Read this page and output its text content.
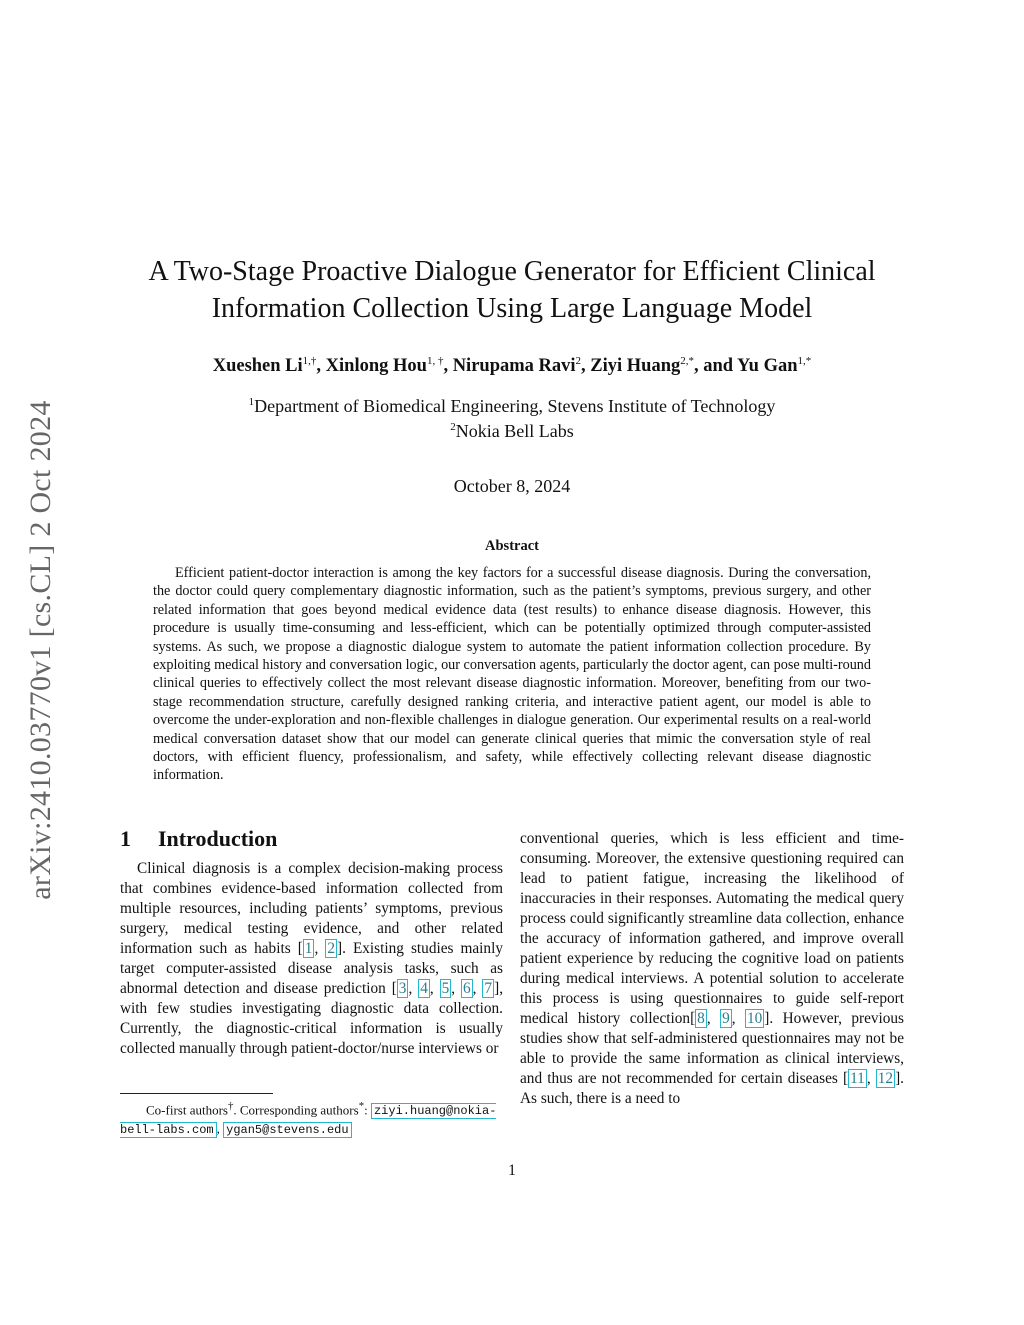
arXiv:2410.03770v1 [cs.CL] 2 Oct 2024
A Two-Stage Proactive Dialogue Generator for Efficient Clinical
Information Collection Using Large Language Model
Xueshen $Li^{1,\dagger}$, Xinlong Hou$^{1, \dagger}$, Nirupama Ravi$^2$, Ziyi Huang$^{2,*}$, and Yu Gan$^{1,*}$
$^1$Department of Biomedical Engineering, Stevens Institute of Technology
$^2$Nokia Bell Labs
October 8, 2024
Abstract
Efficient patient-doctor interaction is among the key factors for a successful disease diagnosis. During the conversation, the doctor could query complementary diagnostic information, such as the patient’s symptoms, previous surgery, and other related information that goes beyond medical evidence data (test results) to enhance disease diagnosis. However, this procedure is usually time-consuming and less-efficient, which can be potentially optimized through computer-assisted systems. As such, we propose a diagnostic dialogue system to automate the patient information collection procedure. By exploiting medical history and conversation logic, our conversation agents, particularly the doctor agent, can pose multi-round clinical queries to effectively collect the most relevant disease diagnostic information. Moreover, benefiting from our two-stage recommendation structure, carefully designed ranking criteria, and interactive patient agent, our model is able to overcome the under-exploration and non-flexible challenges in dialogue generation. Our experimental results on a real-world medical conversation dataset show that our model can generate clinical queries that mimic the conversation style of real doctors, with efficient fluency, professionalism, and safety, while effectively collecting relevant disease diagnostic information.
1 Introduction
Clinical diagnosis is a complex decision-making process that combines evidence-based information collected from multiple resources, including patients’ symptoms, previous surgery, medical testing evidence, and other related information such as habits [ 1 , 2 ]. Existing studies mainly target computer-assisted disease analysis tasks, such as abnormal detection and disease prediction [ 3 , 4 , 5 , 6 , 7 ], with few studies investigating diagnostic data collection. Currently, the diagnostic-critical information is usually collected manually through patient-doctor/nurse interviews or
conventional queries, which is less efficient and time-consuming. Moreover, the extensive questioning required can lead to patient fatigue, increasing the likelihood of inaccuracies in their responses. Automating the medical query process could significantly streamline data collection, enhance the accuracy of information gathered, and improve overall patient experience by reducing the cognitive load on patients during medical interviews. A potential solution to accelerate this process is using questionnaires to guide self-report medical history collection[ 8 , 9 , 10 ]. However, previous studies show that self-administered questionnaires may not be able to provide the same information as clinical interviews, and thus are not recommended for certain diseases [ 11 , 12 ]. As such, there is a need to
Co-first authors†. Corresponding authors*: ziyi.huang@nokia-bell-labs.com , ygan5@stevens.edu
1
